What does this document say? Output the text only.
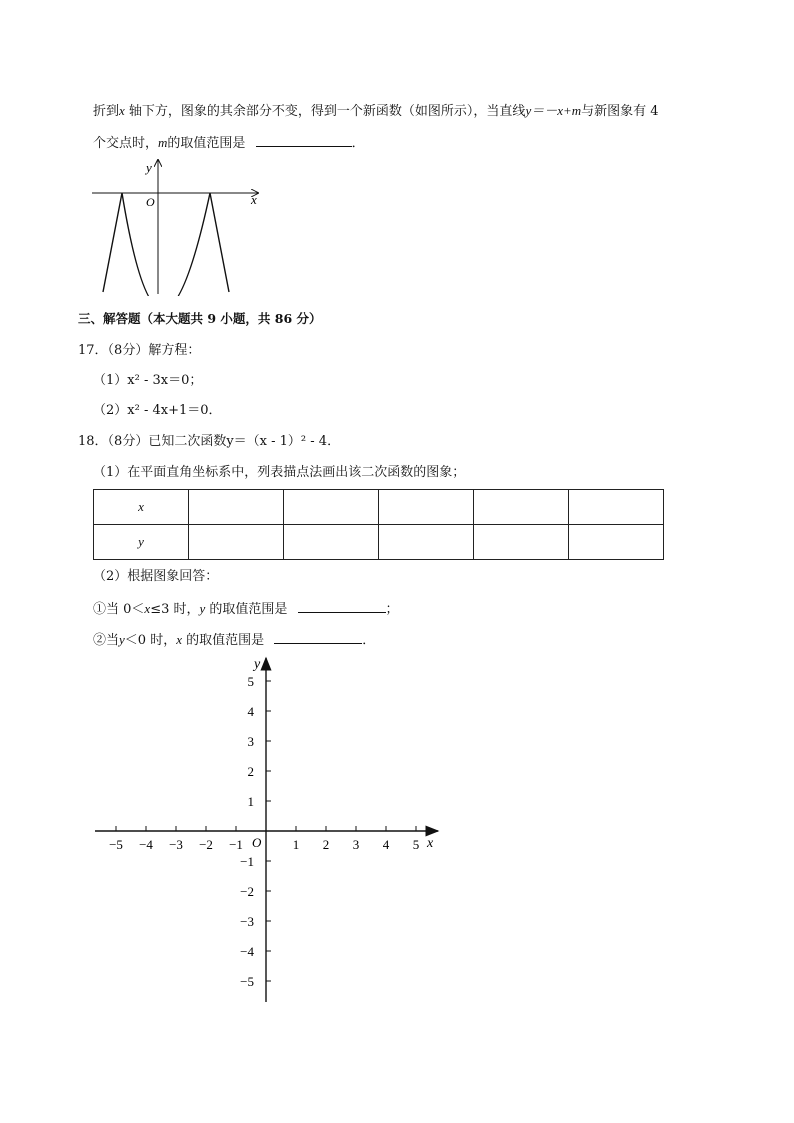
折到x 轴下方，图象的其余部分不变，得到一个新函数（如图所示），当直线y＝－x+m与新图象有 4
个交点时，m的取值范围是	．
y
x
O
三、解答题（本大题共 9 小题，共 86 分）
17．（8分）解方程：
（1）x² - 3x＝0；
（2）x² - 4x+1＝0．
18．（8分）已知二次函数y＝（x - 1）² - 4．
（1）在平面直角坐标系中，列表描点法画出该二次函数的图象；
x					
y					
（2）根据图象回答：
①当 0＜x≤3 时，y 的取值范围是	；
②当y＜0 时，x 的取值范围是	．
−5 −4 −3 −2 −1	1 2 3 4 5
5
4
3
2
1
−1
−2
−3
−4
−5
x
y
O
